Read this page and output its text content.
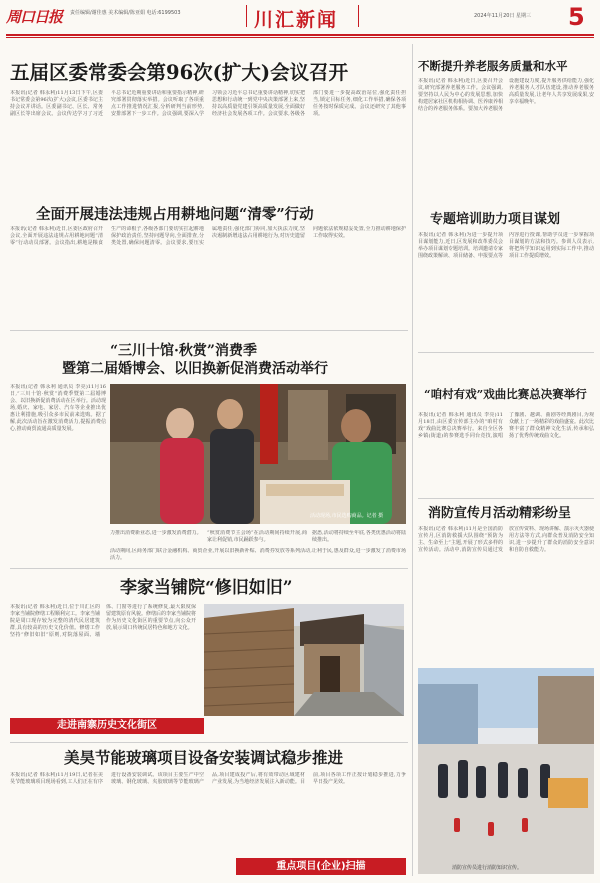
周口日报 责任编辑/谢佳惠 美术编辑/陈亚娟 电话:6199503	川汇新闻	2024年11月20日 星期三 5
五届区委常委会第96次(扩大)会议召开
本报讯(记者 韩永利)11月13日下午,区委书记常委会第96次(扩大)会议,区委书记主持会议并讲话。区委副书记、区长、常务副区长等出席会议。会议传达学习了习近平总书记近期重要讲话和重要指示精神,研究部署贯彻落实举措。会议听取了各项重点工作推进情况汇报,分析研判当前形势,安排部署下一步工作。会议强调,要深入学习领会习近平总书记重要讲话精神,切实把思想和行动统一到党中央决策部署上来,坚持以高质量党建引领高质量发展,全面做好经济社会发展各项工作。会议要求,各级各部门要进一步提高政治站位,强化责任担当,锁定目标任务,细化工作举措,确保各项任务按时保质完成。会议还研究了其他事项。
全面开展违法违规占用耕地问题“清零”行动
本报讯(记者 韩永利)近日,区委区政府召开会议,全面开展违法违规占用耕地问题“清零”行动动员部署。会议指出,耕地是粮食生产的命根子,各级各部门要切实扛起耕地保护政治责任,坚持问题导向,全面排查,分类处置,确保问题清零。会议要求,要压实属地责任,强化部门协同,加大执法力度,坚决遏制新增违法占用耕地行为,对历史遗留问题依法依规稳妥处置,全力推动耕地保护工作取得实效。
“三川十馆·秋赏”消费季
暨第二届婚博会、以旧换新促消费活动举行
本报讯(记者 韩永利 通讯员 李亮)11月16日,“三川十馆·秋赏”消费季暨第二届婚博会、以旧换新促消费活动在区举行。活动现场,婚庆、家电、家居、汽车等企业推出优惠让利措施,吸引众多市民前来选购。据了解,此次活动旨在激发消费活力,提振消费信心,推动商贸流通高质量发展。
活动现场,市民选购商品。记者 摄
力推出消费新业态,进一步激发消费潜力。 “秋赏消费节主会场”在活动期间持续开展,商家让利促销,市民踊跃参与。
据悉,活动将持续至年底,各类优惠活动将陆续推出。
活动期间,区商务部门联合金融机构、商贸企业,开展以旧换新补贴、消费券发放等系列活动,让利于民,惠及群众,进一步激发了消费市场活力。
李家当铺院“修旧如旧”
本报讯(记者 韩永利)近日,位于川汇区的李家当铺院修缮工程顺利完工。李家当铺院是周口现存较为完整的清代民居建筑群,具有较高的历史文化价值。修缮工作坚持“修旧如旧”原则,对院落屋面、墙体、门窗等进行了系统修复,最大限度保留建筑原有风貌。修缮后的李家当铺院将作为历史文化街区的重要节点,向公众开放,展示周口传统民居特色和地方文化。
走进南寨历史文化街区
美昊节能玻璃项目设备安装调试稳步推进
本报讯(记者 韩永利)11月19日,记者在美昊节能玻璃项目现场看到,工人们正在有序进行设备安装调试。该项目主要生产中空玻璃、钢化玻璃、夹胶玻璃等节能玻璃产品,项目建成投产后,将有效带动区域建材产业发展,为当地经济发展注入新动能。目前,项目各项工作正按计划稳步推进,力争早日投产见效。
重点项目(企业)扫描
不断提升养老服务质量和水平
本报讯(记者 韩永利)近日,区委召开会议,研究部署养老服务工作。会议强调,要坚持以人民为中心的发展思想,加快构建居家社区机构相协调、医养康养相结合的养老服务体系。要加大养老服务设施建设力度,提升服务供给能力,强化养老服务人才队伍建设,推动养老服务高质量发展,让老年人共享发展成果,安享幸福晚年。
专题培训助力项目谋划
本报讯(记者 韩永利)为进一步提升项目谋划能力,近日,区发展和改革委员会举办项目谋划专题培训。培训邀请专家围绕政策解读、项目储备、申报要点等内容进行授课,帮助学员进一步掌握项目谋划的方法和技巧。参训人员表示,将把所学知识运用到实际工作中,推动项目工作提质增效。
“咱村有戏”戏曲比赛总决赛举行
本报讯(记者 韩永利 通讯员 李亮)11月18日,由区委宣传部主办的“咱村有戏”戏曲比赛总决赛举行。来自全区各乡镇(街道)的参赛选手同台竞技,演唱了豫剧、越调、曲剧等经典剧目,为观众献上了一场精彩的戏曲盛宴。此次比赛丰富了群众精神文化生活,传承和弘扬了优秀传统戏曲文化。
消防宣传月活动精彩纷呈
本报讯(记者 韩永利)11月是全国消防宣传月,区消防救援大队围绕“预防为主、生命至上”主题,开展了形式多样的宣传活动。活动中,消防宣传员通过发放宣传资料、现场讲解、演示灭火器使用方法等方式,向群众普及消防安全知识,进一步提升了群众的消防安全意识和自防自救能力。
消防宣传员进行消防知识宣传。
